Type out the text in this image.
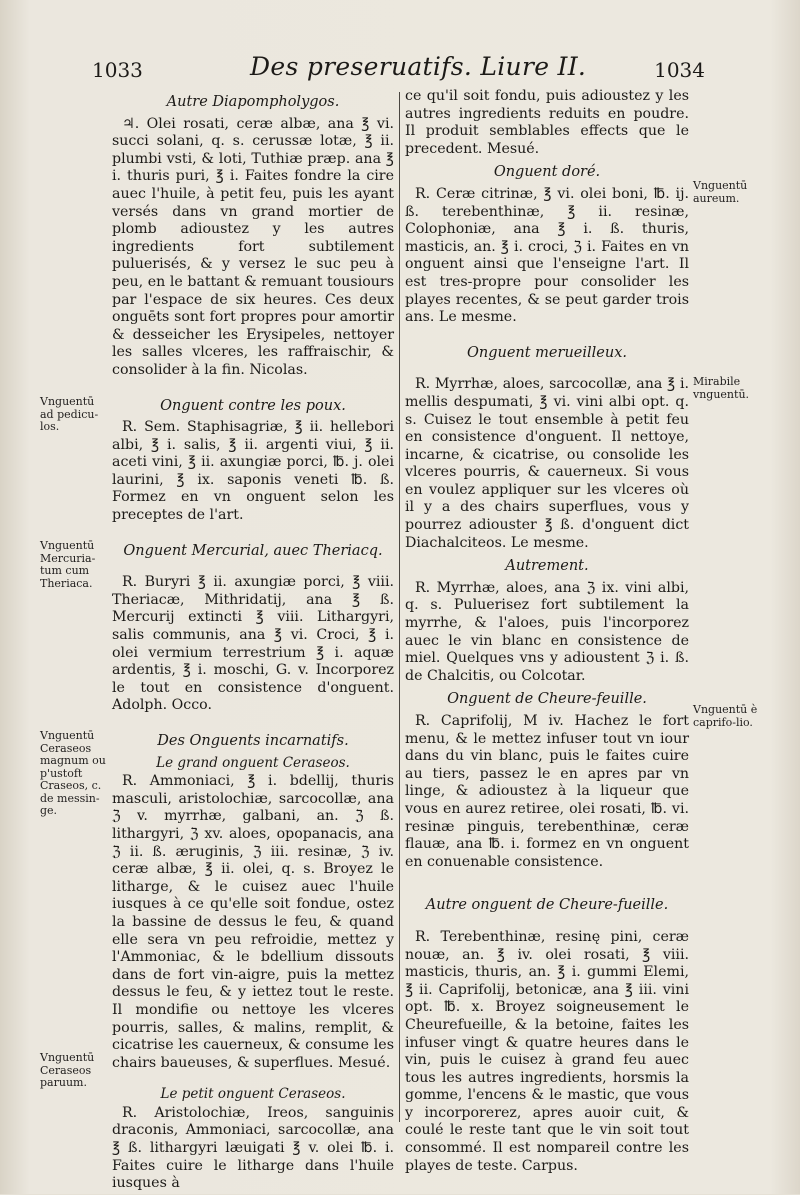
1033	Des preseruatifs. Liure II.	1034
Autre Diapompholygos.

♃. Olei rosati, ceræ albæ, ana ℥ vi. succi solani, q. s. cerussæ lotæ, ℥ ii. plumbi vsti, & loti, Tuthiæ præp. ana ℥ i. thuris puri, ℥ i. Faites fondre la cire auec l'huile, à petit feu, puis les ayant versés dans vn grand mortier de plomb adioustez y les autres ingredients fort subtilement puluerisés, & y versez le suc peu à peu, en le battant & remuant tousiours par l'espace de six heures. Ces deux onguēts sont fort propres pour amortir & desseicher les Erysipeles, nettoyer les salles vlceres, les raffraischir, & consolider à la fin. Nicolas.

Onguent contre les poux.

R. Sem. Staphisagriæ, ℥ ii. hellebori albi, ℥ i. salis, ℥ ii. argenti viui, ℥ ii. aceti vini, ℥ ii. axungiæ porci, ℔. j. olei laurini, ℥ ix. saponis veneti ℔. ß. Formez en vn onguent selon les preceptes de l'art.

Onguent Mercurial, auec Theriacq.

R. Buryri ℥ ii. axungiæ porci, ℥ viii. Theriacæ, Mithridatij, ana ℥ ß. Mercurij extincti ℥ viii. Lithargyri, salis communis, ana ℥ vi. Croci, ℥ i. olei vermium terrestrium ℥ i. aquæ ardentis, ℥ i. moschi, G. v. Incorporez le tout en consistence d'onguent. Adolph. Occo.

Des Onguents incarnatifs.
Le grand onguent Ceraseos.

R. Ammoniaci, ℥ i. bdellij, thuris masculi, aristolochiæ, sarcocollæ, ana ℨ v. myrrhæ, galbani, an. ℨ ß. lithargyri, ℨ xv. aloes, opopanacis, ana ℨ ii. ß. æruginis, ℨ iii. resinæ, ℨ iv. ceræ albæ, ℥ ii. olei, q. s. Broyez le litharge, & le cuisez auec l'huile iusques à ce qu'elle soit fondue, ostez la bassine de dessus le feu, & quand elle sera vn peu refroidie, mettez y l'Ammoniac, & le bdellium dissouts dans de fort vin-aigre, puis la mettez dessus le feu, & y iettez tout le reste. Il mondifie ou nettoye les vlceres pourris, salles, & malins, remplit, & cicatrise les cauerneux, & consume les chairs baueuses, & superflues. Mesué.

Le petit onguent Ceraseos.

R. Aristolochiæ, Ireos, sanguinis draconis, Ammoniaci, sarcocollæ, ana ℥ ß. lithargyri læuigati ℥ v. olei ℔. i. Faites cuire le litharge dans l'huile iusques à

ce qu'il soit fondu, puis adioustez y les autres ingredients reduits en poudre. Il produit semblables effects que le precedent. Mesué.

Onguent doré.

R. Ceræ citrinæ, ℥ vi. olei boni, ℔. ij. ß. terebenthinæ, ℥ ii. resinæ, Colophoniæ, ana ℥ i. ß. thuris, masticis, an. ℥ i. croci, ℨ i. Faites en vn onguent ainsi que l'enseigne l'art. Il est tres-propre pour consolider les playes recentes, & se peut garder trois ans. Le mesme.

Onguent merueilleux.

R. Myrrhæ, aloes, sarcocollæ, ana ℥ i. mellis despumati, ℥ vi. vini albi opt. q. s. Cuisez le tout ensemble à petit feu en consistence d'onguent. Il nettoye, incarne, & cicatrise, ou consolide les vlceres pourris, & cauerneux. Si vous en voulez appliquer sur les vlceres où il y a des chairs superflues, vous y pourrez adiouster ℥ ß. d'onguent dict Diachalciteos. Le mesme.

Autrement.

R. Myrrhæ, aloes, ana ℨ ix. vini albi, q. s. Puluerisez fort subtilement la myrrhe, & l'aloes, puis l'incorporez auec le vin blanc en consistence de miel. Quelques vns y adioustent ℨ i. ß. de Chalcitis, ou Colcotar.

Onguent de Cheure-feuille.

R. Caprifolij, M iv. Hachez le fort menu, & le mettez infuser tout vn iour dans du vin blanc, puis le faites cuire au tiers, passez le en apres par vn linge, & adioustez à la liqueur que vous en aurez retiree, olei rosati, ℔. vi. resinæ pinguis, terebenthinæ, ceræ flauæ, ana ℔. i. formez en vn onguent en conuenable consistence.

Autre onguent de Cheure-fueille.

R. Terebenthinæ, resinę pini, ceræ nouæ, an. ℥ iv. olei rosati, ℥ viii. masticis, thuris, an. ℥ i. gummi Elemi, ℥ ii. Caprifolij, betonicæ, ana ℥ iii. vini opt. ℔. x. Broyez soigneusement le Cheurefueille, & la betoine, faites les infuser vingt & quatre heures dans le vin, puis le cuisez à grand feu auec tous les autres ingredients, horsmis la gomme, l'encens & le mastic, que vous y incorporerez, apres auoir cuit, & coulé le reste tant que le vin soit tout consommé. Il est nompareil contre les playes de teste. Carpus.

Vnguentū ad pedicu-los.
Vnguentū Mercuria-tum cum Theriaca.
Vnguentū Ceraseos magnum ou p'ustoft Craseos, c. de messin-ge.
Vnguentū Ceraseos paruum.
Vnguentū aureum.
Mirabile vnguentū.
Vnguentū è caprifo-lio.
